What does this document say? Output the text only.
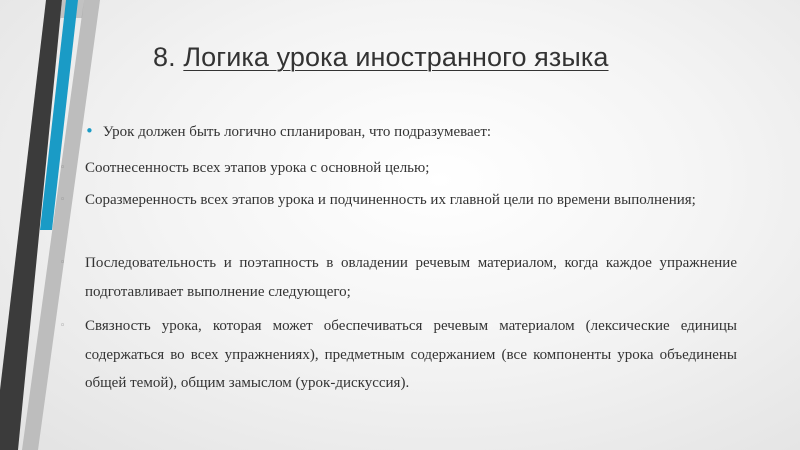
8. Логика урока иностранного языка
• Урок должен быть логично спланирован, что подразумевает:

◦ Соотнесенность всех этапов урока с основной целью;

◦ Соразмеренность всех этапов урока и подчиненность их главной цели по времени выполнения;

◦ Последовательность и поэтапность в овладении речевым материалом, когда каждое упражнение подготавливает выполнение следующего;

◦ Связность урока, которая может обеспечиваться речевым материалом (лексические единицы содержаться во всех упражнениях), предметным содержанием (все компоненты урока объединены общей темой), общим замыслом (урок-дискуссия).
